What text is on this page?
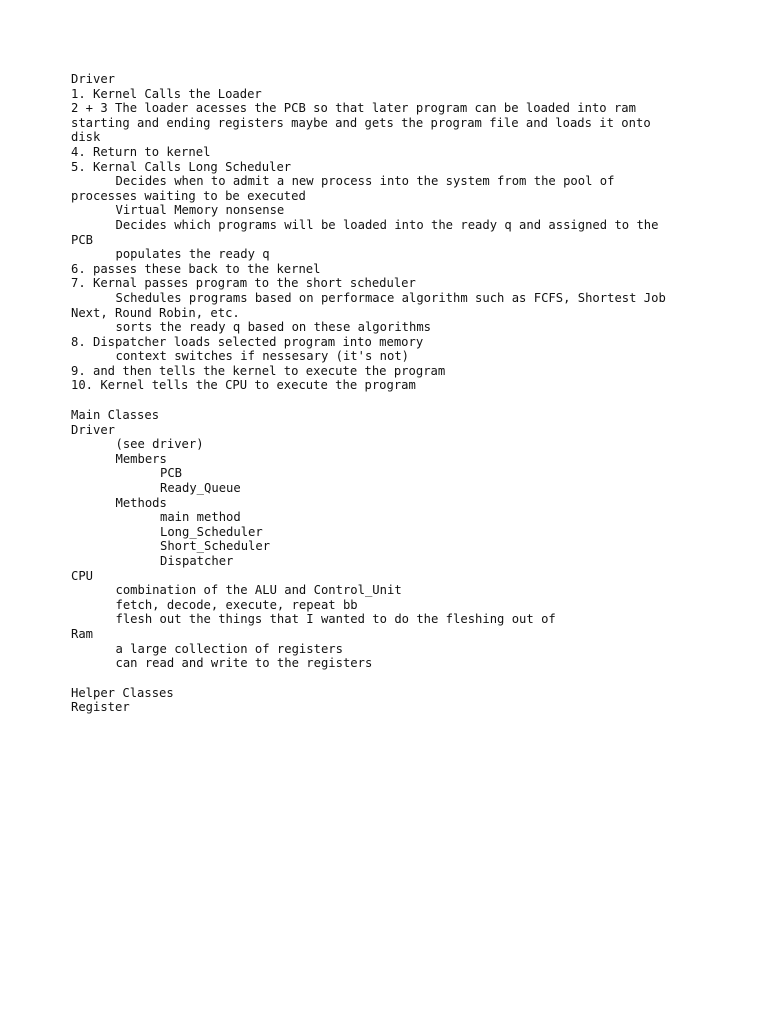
Driver
1. Kernel Calls the Loader
2 + 3 The loader acesses the PCB so that later program can be loaded into ram
starting and ending registers maybe and gets the program file and loads it onto
disk
4. Return to kernel
5. Kernal Calls Long Scheduler
Decides when to admit a new process into the system from the pool of
processes waiting to be executed
Virtual Memory nonsense
Decides which programs will be loaded into the ready q and assigned to the
PCB
populates the ready q
6. passes these back to the kernel
7. Kernal passes program to the short scheduler
Schedules programs based on performace algorithm such as FCFS, Shortest Job
Next, Round Robin, etc.
sorts the ready q based on these algorithms
8. Dispatcher loads selected program into memory
context switches if nessesary (it's not)
9. and then tells the kernel to execute the program
10. Kernel tells the CPU to execute the program
Main Classes
Driver
(see driver)
Members
PCB
Ready_Queue
Methods
main method
Long_Scheduler
Short_Scheduler
Dispatcher
CPU
combination of the ALU and Control_Unit
fetch, decode, execute, repeat bb
flesh out the things that I wanted to do the fleshing out of
Ram
a large collection of registers
can read and write to the registers
Helper Classes
Register
